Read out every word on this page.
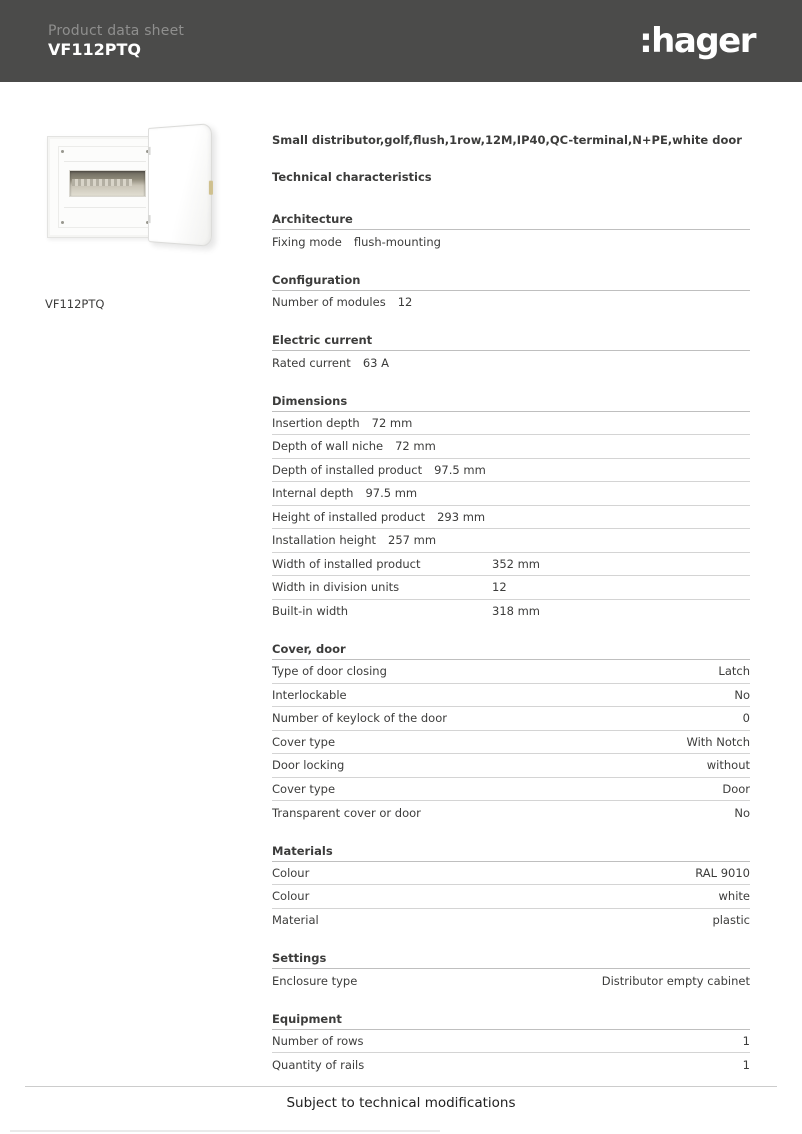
Product data sheet
VF112PTQ	:hager
VF112PTQ
Small distributor,golf,flush,1row,12M,IP40,QC-terminal,N+PE,white door
Technical characteristics
Architecture
Fixing mode flush-mounting
Configuration
Number of modules 12
Electric current
Rated current 63 A
Dimensions
Insertion depth 72 mm
Depth of wall niche 72 mm
Depth of installed product 97.5 mm
Internal depth 97.5 mm
Height of installed product 293 mm
Installation height 257 mm
Width of installed product	352 mm
Width in division units	12
Built-in width	318 mm
Cover, door
Type of door closing	Latch
Interlockable	No
Number of keylock of the door	0
Cover type	With Notch
Door locking	without
Cover type	Door
Transparent cover or door	No
Materials
Colour	RAL 9010
Colour	white
Material	plastic
Settings
Enclosure type	Distributor empty cabinet
Equipment
Number of rows	1
Quantity of rails	1
Subject to technical modifications
